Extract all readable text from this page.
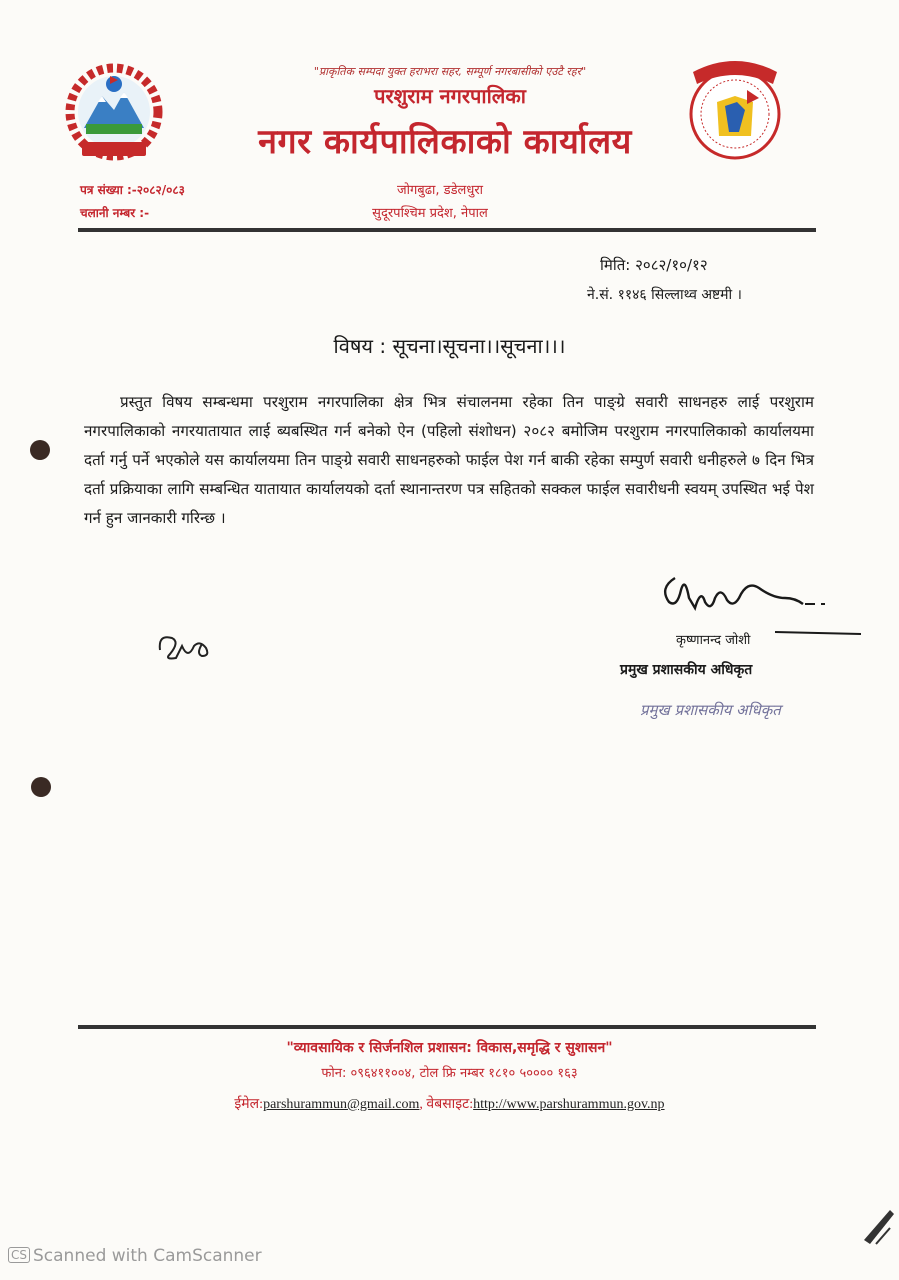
"प्राकृतिक सम्पदा युक्त हराभरा सहर, सम्पूर्ण नगरबासीको एउटै रहर"
परशुराम नगरपालिका
नगर कार्यपालिकाको कार्यालय
जोगबुढा, डडेलधुरा
सुदूरपश्चिम प्रदेश, नेपाल
पत्र संख्या :-२०८२/०८३
चलानी नम्बर :-
मिति: २०८२/१०/१२
ने.सं. ११४६ सिल्लाथ्व अष्टमी ।
विषय : सूचना।सूचना।।सूचना।।।
प्रस्तुत विषय सम्बन्धमा परशुराम नगरपालिका क्षेत्र भित्र संचालनमा रहेका तिन पाङ्ग्रे सवारी साधनहरु लाई परशुराम नगरपालिकाको नगरयातायात लाई ब्यबस्थित गर्न बनेको ऐन (पहिलो संशोधन) २०८२ बमोजिम परशुराम नगरपालिकाको कार्यालयमा दर्ता गर्नु पर्ने भएकोले यस कार्यालयमा तिन पाङ्ग्रे सवारी साधनहरुको फाईल पेश गर्न बाकी रहेका सम्पुर्ण सवारी धनीहरुले ७ दिन भित्र दर्ता प्रक्रियाका लागि सम्बन्धित यातायात कार्यालयको दर्ता स्थानान्तरण पत्र सहितको सक्कल फाईल सवारीधनी स्वयम् उपस्थित भई पेश गर्न हुन जानकारी गरिन्छ ।
कृष्णानन्द जोशी
प्रमुख प्रशासकीय अधिकृत
प्रमुख प्रशासकीय अधिकृत
"व्यावसायिक र सिर्जनशिल प्रशासन: विकास,समृद्धि र सुशासन"
फोन: ०९६४११००४, टोल फ्रि नम्बर १८१० ५०००० १६३
ईमेल:parshurammun@gmail.com, वेबसाइट:http://www.parshurammun.gov.np
CS Scanned with CamScanner
